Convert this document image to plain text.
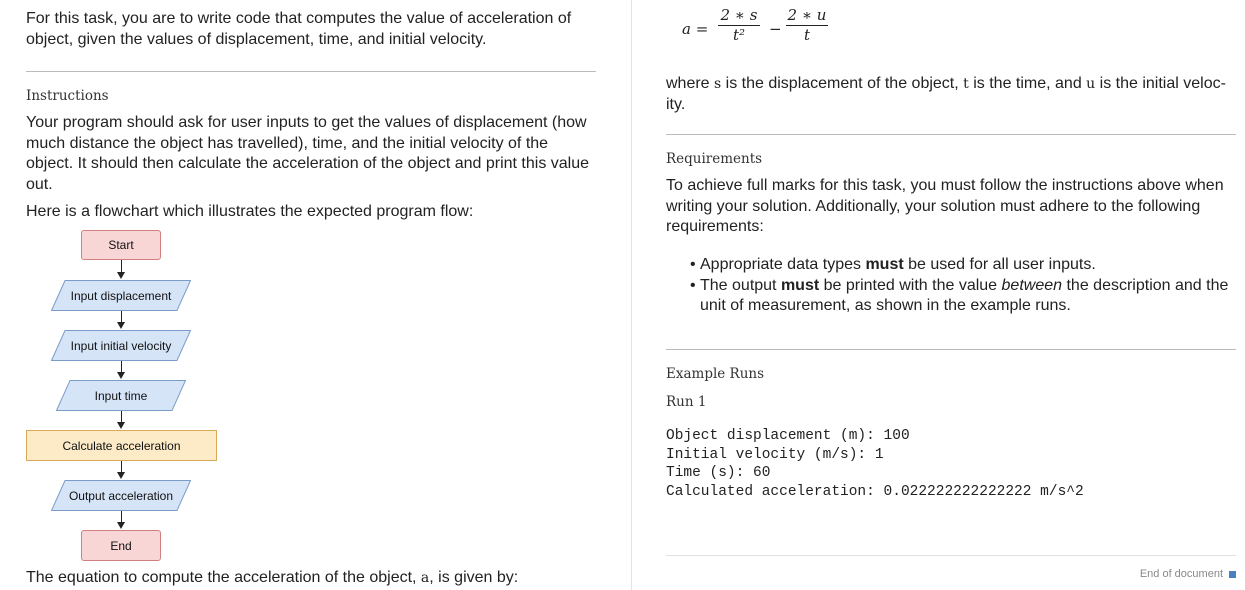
For this task, you are to write code that computes the value of acceleration of object, given the values of displacement, time, and initial velocity.

Instructions

Your program should ask for user inputs to get the values of displacement (how much distance the object has travelled), time, and the initial velocity of the object. It should then calculate the acceleration of the object and print this value out.

Here is a flowchart which illustrates the expected program flow:

Start
Input displacement
Input initial velocity
Input time
Calculate acceleration
Output acceleration
End

The equation to compute the acceleration of the object, a, is given by:

a =
2 ∗ s
t²	−
2 ∗ u
t

where s is the displacement of the object, t is the time, and u is the initial veloc-
ity.

Requirements

To achieve full marks for this task, you must follow the instructions above when writing your solution. Additionally, your solution must adhere to the following requirements:

• Appropriate data types must be used for all user inputs.
• The output must be printed with the value between the description and the unit of measurement, as shown in the example runs.
Example Runs
Run 1
Object displacement (m): 100
Initial velocity (m/s): 1
Time (s): 60
Calculated acceleration: 0.022222222222222 m/s^2
End of document
